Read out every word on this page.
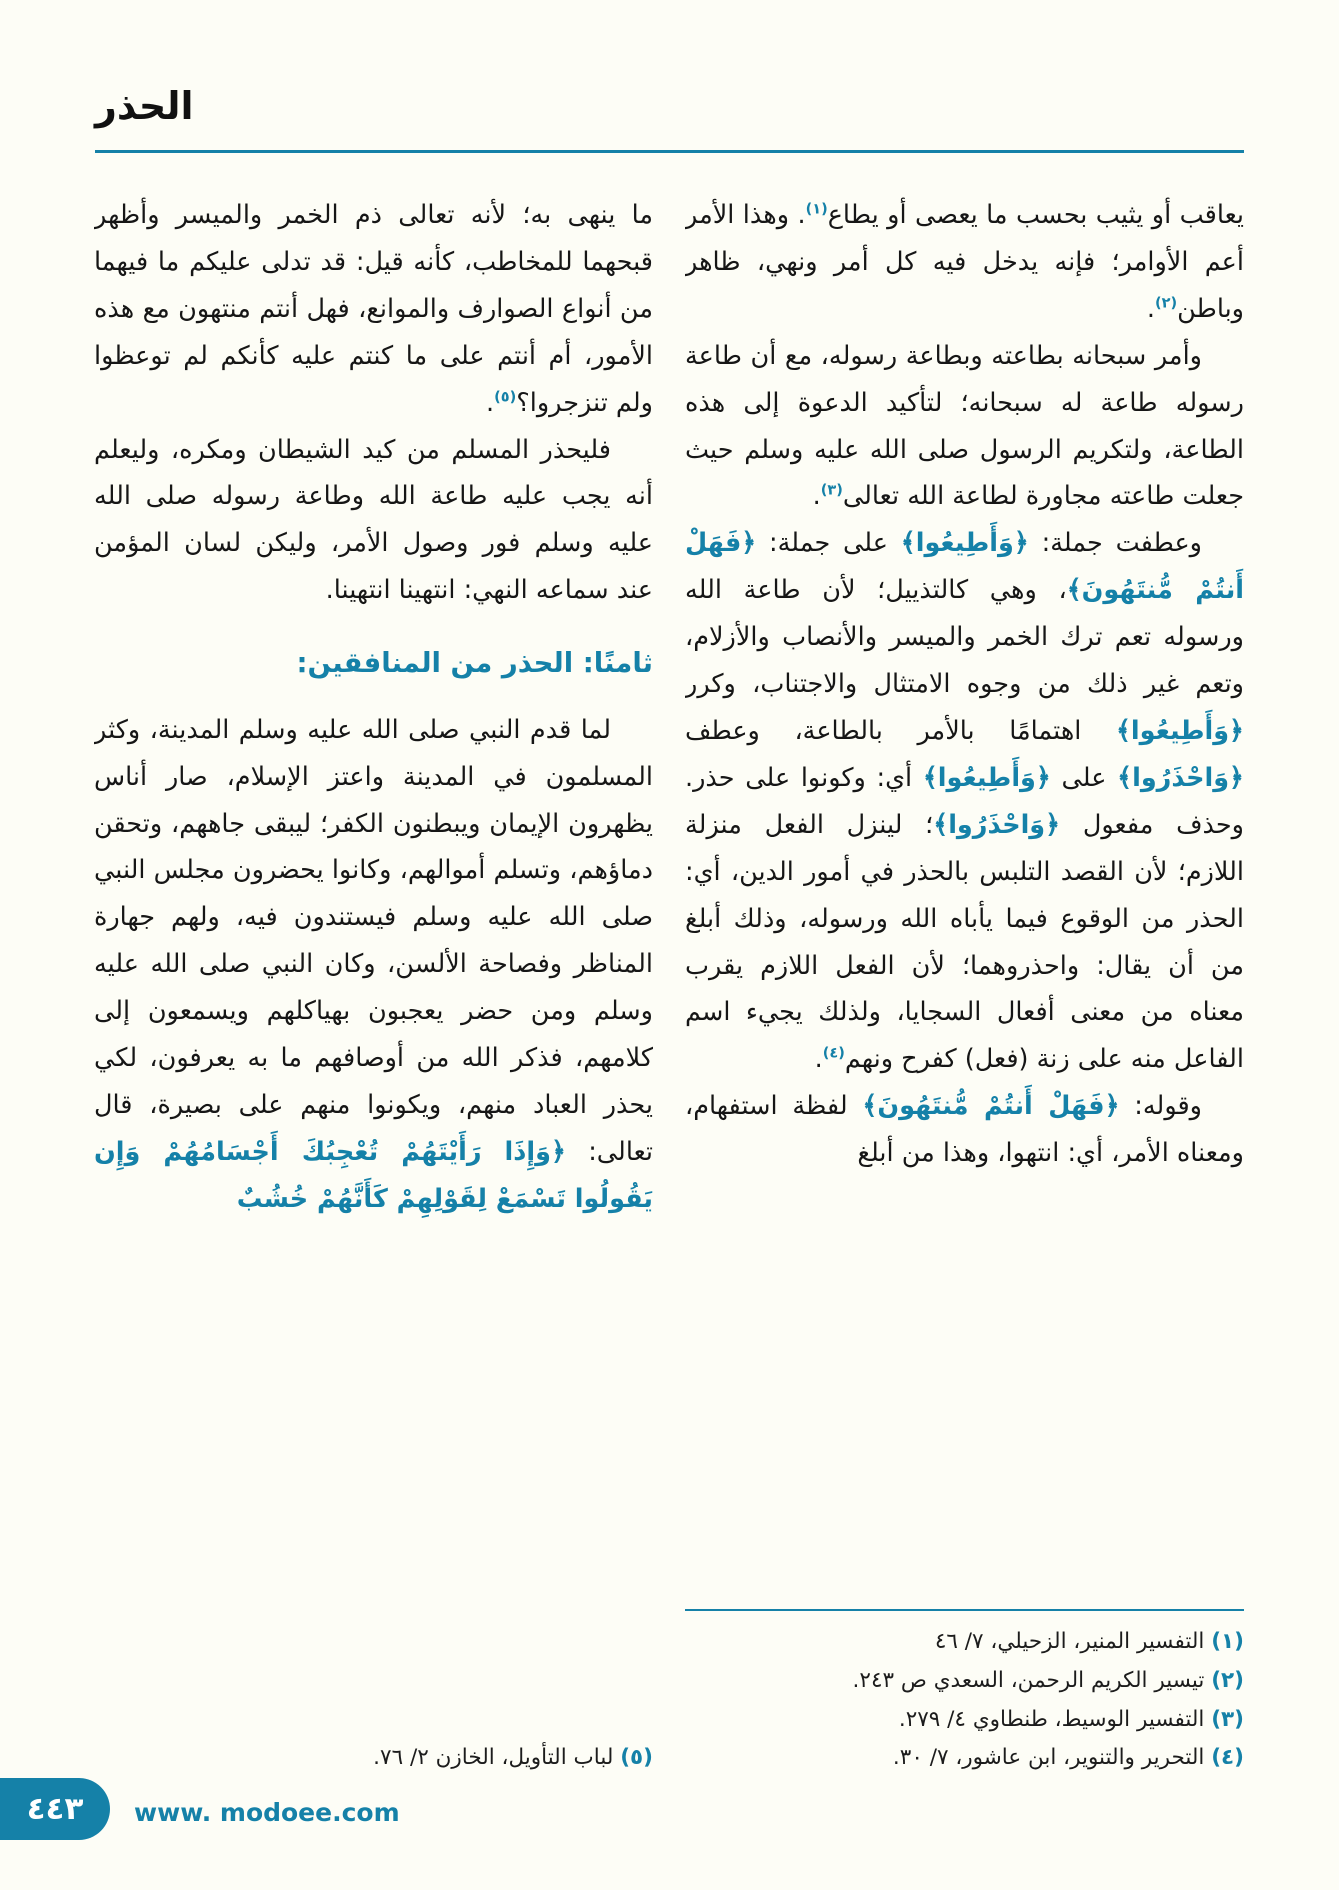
الحذر

يعاقب أو يثيب بحسب ما يعصى أو يطاع$^{(١)}$. وهذا الأمر أعم الأوامر؛ فإنه يدخل فيه كل أمر ونهي، ظاهر وباطن$^{(٢)}$.

وأمر سبحانه بطاعته وبطاعة رسوله، مع أن طاعة رسوله طاعة له سبحانه؛ لتأكيد الدعوة إلى هذه الطاعة، ولتكريم الرسول صلى الله عليه وسلم حيث جعلت طاعته مجاورة لطاعة الله تعالى$^{(٣)}$.

وعطفت جملة: ﴿وَأَطِيعُوا﴾ على جملة: ﴿فَهَلْ أَنتُمْ مُّنتَهُونَ﴾، وهي كالتذييل؛ لأن طاعة الله ورسوله تعم ترك الخمر والميسر والأنصاب والأزلام، وتعم غير ذلك من وجوه الامتثال والاجتناب، وكرر ﴿وَأَطِيعُوا﴾ اهتمامًا بالأمر بالطاعة، وعطف ﴿وَاحْذَرُوا﴾ على ﴿وَأَطِيعُوا﴾ أي: وكونوا على حذر. وحذف مفعول ﴿وَاحْذَرُوا﴾؛ لينزل الفعل منزلة اللازم؛ لأن القصد التلبس بالحذر في أمور الدين، أي: الحذر من الوقوع فيما يأباه الله ورسوله، وذلك أبلغ من أن يقال: واحذروهما؛ لأن الفعل اللازم يقرب معناه من معنى أفعال السجايا، ولذلك يجيء اسم الفاعل منه على زنة (فعل) كفرح ونهم$^{(٤)}$.

وقوله: ﴿فَهَلْ أَنتُمْ مُّنتَهُونَ﴾ لفظة استفهام، ومعناه الأمر، أي: انتهوا، وهذا من أبلغ

(١) التفسير المنير، الزحيلي، ٧/ ٤٦
(٢) تيسير الكريم الرحمن، السعدي ص ٢٤٣.
(٣) التفسير الوسيط، طنطاوي ٤/ ٢٧٩.
(٤) التحرير والتنوير، ابن عاشور، ٧/ ٣٠.

ما ينهى به؛ لأنه تعالى ذم الخمر والميسر وأظهر قبحهما للمخاطب، كأنه قيل: قد تدلى عليكم ما فيهما من أنواع الصوارف والموانع، فهل أنتم منتهون مع هذه الأمور، أم أنتم على ما كنتم عليه كأنكم لم توعظوا ولم تنزجروا؟$^{(٥)}$.

فليحذر المسلم من كيد الشيطان ومكره، وليعلم أنه يجب عليه طاعة الله وطاعة رسوله صلى الله عليه وسلم فور وصول الأمر، وليكن لسان المؤمن عند سماعه النهي: انتهينا انتهينا.

ثامنًا: الحذر من المنافقين:

لما قدم النبي صلى الله عليه وسلم المدينة، وكثر المسلمون في المدينة واعتز الإسلام، صار أناس يظهرون الإيمان ويبطنون الكفر؛ ليبقى جاههم، وتحقن دماؤهم، وتسلم أموالهم، وكانوا يحضرون مجلس النبي صلى الله عليه وسلم فيستندون فيه، ولهم جهارة المناظر وفصاحة الألسن، وكان النبي صلى الله عليه وسلم ومن حضر يعجبون بهياكلهم ويسمعون إلى كلامهم، فذكر الله من أوصافهم ما به يعرفون، لكي يحذر العباد منهم، ويكونوا منهم على بصيرة، قال تعالى: ﴿وَإِذَا رَأَيْتَهُمْ تُعْجِبُكَ أَجْسَامُهُمْ وَإِن يَقُولُوا تَسْمَعْ لِقَوْلِهِمْ كَأَنَّهُمْ خُشُبٌ

(٥) لباب التأويل، الخازن ٢/ ٧٦.
٤٤٣ www. modoee.com
